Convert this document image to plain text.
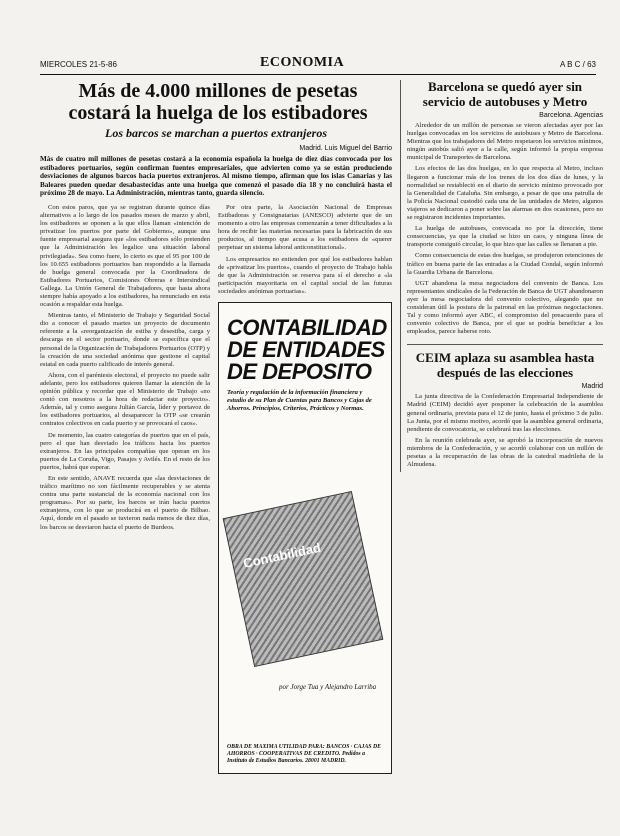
MIERCOLES 21-5-86	ECONOMIA	A B C / 63
Más de 4.000 millones de pesetas costará la huelga de los estibadores
Los barcos se marchan a puertos extranjeros
Madrid. Luis Miguel del Barrio
Más de cuatro mil millones de pesetas costará a la economía española la huelga de diez días convocada por los estibadores portuarios, según confirman fuentes empresariales, que advierten como ya se están produciendo desviaciones de algunos barcos hacia puertos extranjeros. Al mismo tiempo, afirman que los islas Canarias y las Baleares pueden quedar desabastecidas ante una huelga que comenzó el pasado día 18 y no concluirá hasta el próximo 28 de mayo. La Administración, mientras tanto, guarda silencio.

Con estos paros, que ya se registran durante quince días alternativos a lo largo de los pasados meses de marzo y abril, los estibadores se oponen a la que ellos llaman «intención de privatizar los puertos por parte del Gobierno», aunque una fuente empresarial asegura que «los estibadores sólo pretenden que la Administración les legalice una situación laboral privilegiada». Sea como fuere, lo cierto es que el 95 por 100 de los 10.655 estibadores portuarios han respondido a la llamada de huelga general convocada por la Coordinadora de Estibadores Portuarios, Comisiones Obreras e Intersindical Gallega. La Unión General de Trabajadores, que hasta ahora siempre había apoyado a los estibadores, ha renunciado en esta ocasión a respaldar esta huelga.

Mientras tanto, el Ministerio de Trabajo y Seguridad Social dio a conocer el pasado martes un proyecto de documento referente a la «reorganización de estiba y desestiba, carga y descarga en el sector portuario, donde se específica que el personal de la Organización de Trabajadores Portuarios (OTP) y la creación de una sociedad anónima que gestione el capital estatal en cada puerto calificado de interés general.

Ahora, con el paréntesis electoral, el proyecto no puede salir adelante, pero los estibadores quieren llamar la atención de la opinión pública y recordar que el Ministerio de Trabajo «no contó con nosotros a la hora de redactar este proyecto». Además, tal y como asegura Julián García, líder y portavoz de los estibadores portuarios, al desaparecer la OTP «se crearán contratos colectivos en cada puerto y se provocará el caos».

De momento, las cuatro categorías de puertos que en el país, pero el que han desviado los tráficos hacia los puertos extranjeros. En las principales compañías que operan en los puertos de La Coruña, Vigo, Pasajes y Avilés. En el resto de los puertos, habrá que esperar.

En este sentido, ANAVE recuerda que «las desviaciones de tráfico marítimo no son fácilmente recuperables y se atenta contra una parte sustancial de la economía nacional con los programas». Por su parte, los barcos se irán hacia puertos extranjeros, con lo que se producirá en el puerto de Bilbao. Aquí, donde en el pasado se tuvieron nada menos de diez días, los barcos se desviaron hacia el puerto de Burdeos.

Por otra parte, la Asociación Nacional de Empresas Estibadoras y Consignatarias (ANESCO) advierte que de un momento a otro las empresas comenzarán a tener dificultades a la hora de recibir las materias necesarias para la fabricación de sus productos, al tiempo que acusa a los estibadores de «querer perpetuar un sistema laboral anticonstitucional».

Los empresarios no entienden por qué los estibadores hablan de «privatizar los puertos», cuando el proyecto de Trabajo habla de que la Administración se reserva para sí el derecho a «la participación mayoritaria en el capital social de las futuras sociedades anónimas portuarias».

CONTABILIDAD DE ENTIDADES DE DEPOSITO
Teoría y regulación de la información financiera y estudio de su Plan de Cuentas para Bancos y Cajas de Ahorros. Principios, Criterios, Prácticos y Normas.
Contabilidad
por Jorge Tua y Alejandro Larriba
OBRA DE MAXIMA UTILIDAD PARA: BANCOS · CAJAS DE AHORROS · COOPERATIVAS DE CREDITO. Pedidos a Instituto de Estudios Bancarios. 28001 MADRID.
Barcelona se quedó ayer sin servicio de autobuses y Metro
Barcelona. Agencias

Alrededor de un millón de personas se vieron afectadas ayer por las huelgas convocadas en los servicios de autobuses y Metro de Barcelona. Mientras que los trabajadores del Metro respetaron los servicios mínimos, ningún autobús salió ayer a la calle, según informó la propia empresa municipal de Transportes de Barcelona.

Los efectos de las dos huelgas, en lo que respecta al Metro, incluso llegaron a funcionar más de los trenes de los dos días de lunes, y la normalidad se restableció en el diario de servicio mínimo provocado por la Generalidad de Cataluña. Sin embargo, a pesar de que una patrulla de la Policía Nacional custodió cada una de las unidades de Metro, algunos viajeros se dedicaron a poner sobre las alarmas en dos ocasiones, pero no se registraron incidentes importantes.

La huelga de autobuses, convocada no por la dirección, tiene consecuencias, ya que la ciudad se hizo un caos, y ninguna línea de transporte consiguió circular, lo que hizo que las calles se llenaran a pie.

Como consecuencia de estas dos huelgas, se produjeron retenciones de tráfico en buena parte de las entradas a la Ciudad Condal, según informó la Guardia Urbana de Barcelona.

UGT abandona la mesa negociadora del convenio de Banca. Los representantes sindicales de la Federación de Banca de UGT abandonaron ayer la mesa negociadora del convenio colectivo, alegando que no consideran útil la postura de la patronal en las próximas negociaciones. Tal y como informó ayer ABC, el compromiso del preacuerdo para el convenio colectivo de Banca, por el que se podría beneficiar a los empleados, parece haberse roto.

CEIM aplaza su asamblea hasta después de las elecciones
Madrid

La junta directiva de la Confederación Empresarial Independiente de Madrid (CEIM) decidió ayer posponer la celebración de la asamblea general ordinaria, prevista para el 12 de junio, hasta el próximo 3 de julio. La Junta, por el mismo motivo, acordó que la asamblea general ordinaria, pendiente de convocatoria, se celebrará tras las elecciones.

En la reunión celebrada ayer, se aprobó la incorporación de nuevos miembros de la Confederación, y se acordó colaborar con un millón de pesetas a la recuperación de las obras de la catedral madrileña de la Almudena.
